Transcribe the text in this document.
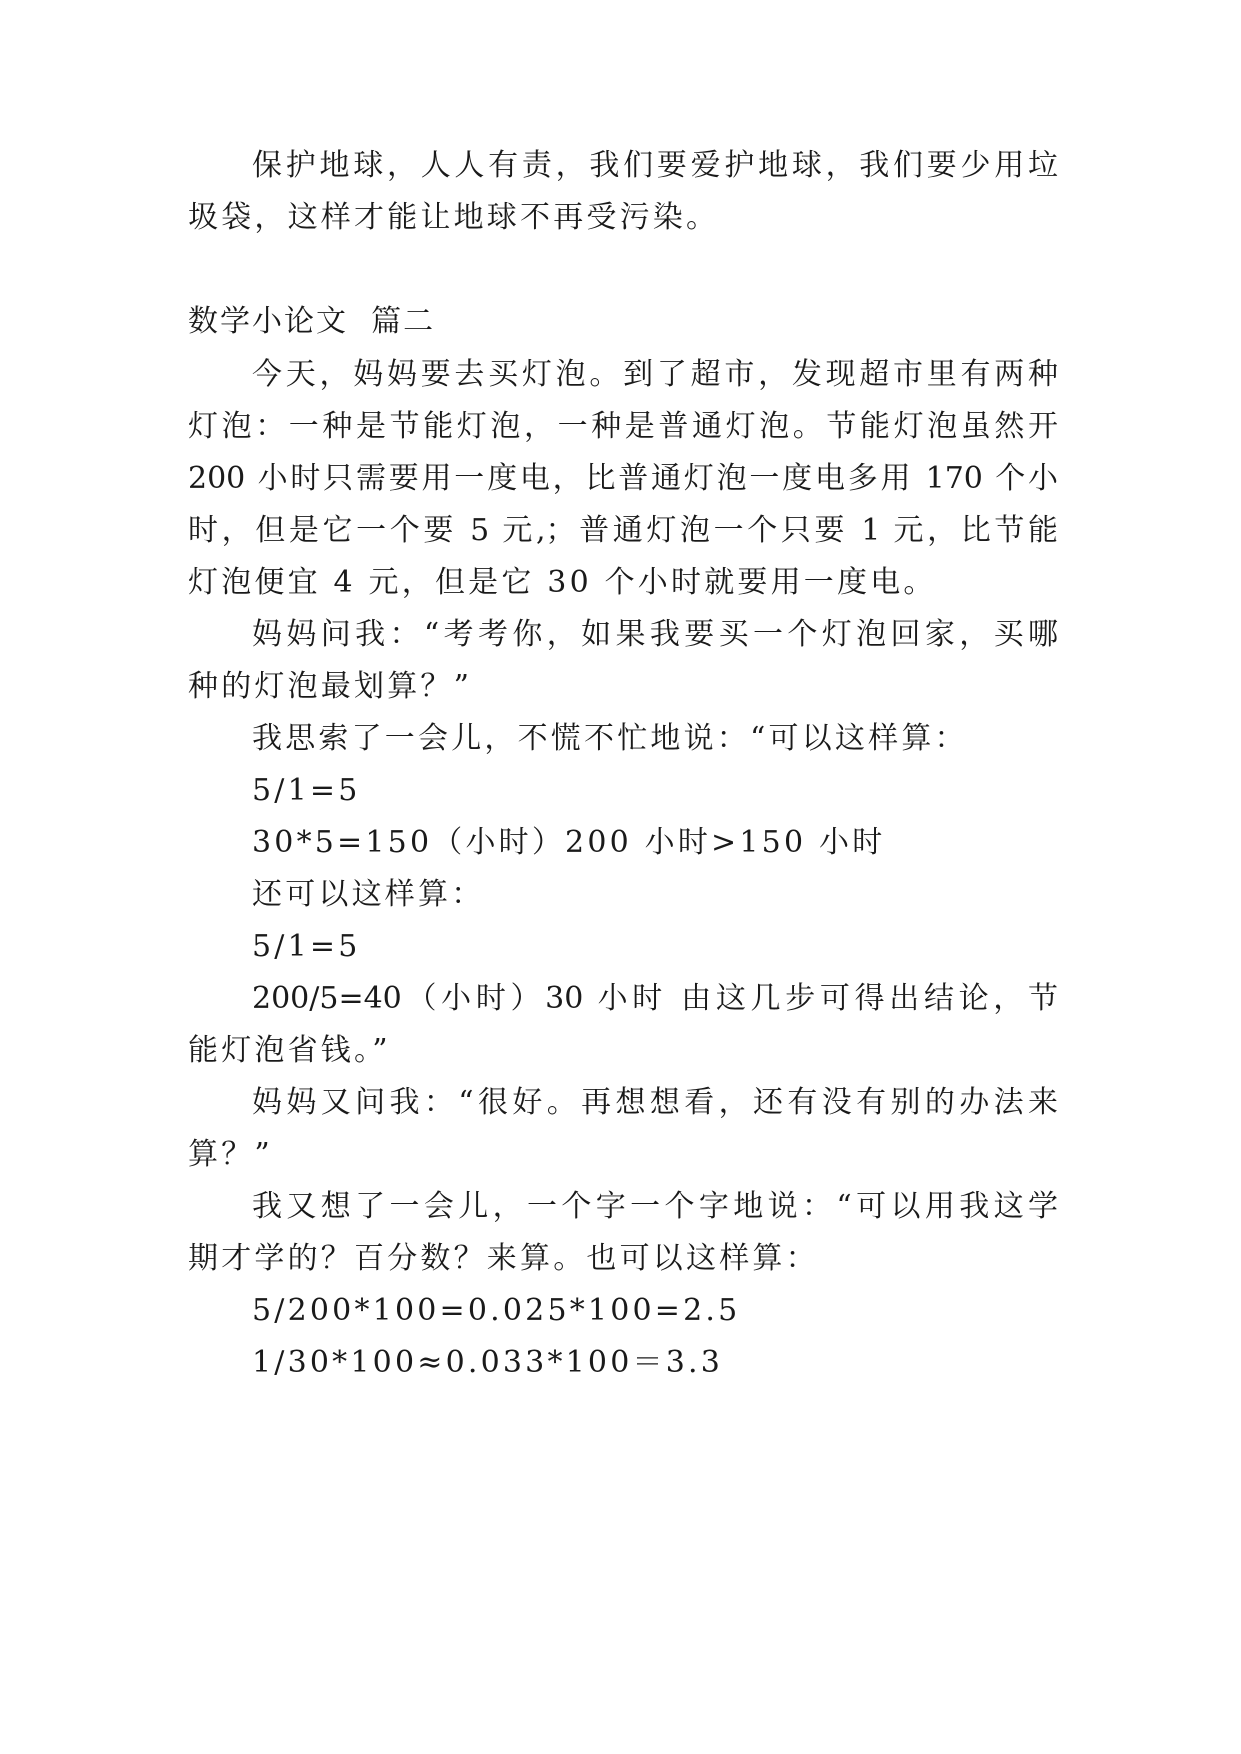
保护地球，人人有责，我们要爱护地球，我们要少用垃
圾袋，这样才能让地球不再受污染。
数学小论文  篇二
今天，妈妈要去买灯泡。到了超市，发现超市里有两种
灯泡：一种是节能灯泡，一种是普通灯泡。节能灯泡虽然开
200 小时只需要用一度电，比普通灯泡一度电多用 170 个小
时，但是它一个要 5 元,；普通灯泡一个只要 1 元，比节能
灯泡便宜 4 元，但是它 30 个小时就要用一度电。
妈妈问我：“考考你，如果我要买一个灯泡回家，买哪
种的灯泡最划算？”
我思索了一会儿，不慌不忙地说：“可以这样算：
5/1=5
30*5=150（小时）200 小时>150 小时
还可以这样算：
5/1=5
200/5=40（小时）30 小时 由这几步可得出结论，节
能灯泡省钱。”
妈妈又问我：“很好。再想想看，还有没有别的办法来
算？”
我又想了一会儿，一个字一个字地说：“可以用我这学
期才学的？百分数？来算。也可以这样算：
5/200*100=0.025*100=2.5
1/30*100≈0.033*100＝3.3
